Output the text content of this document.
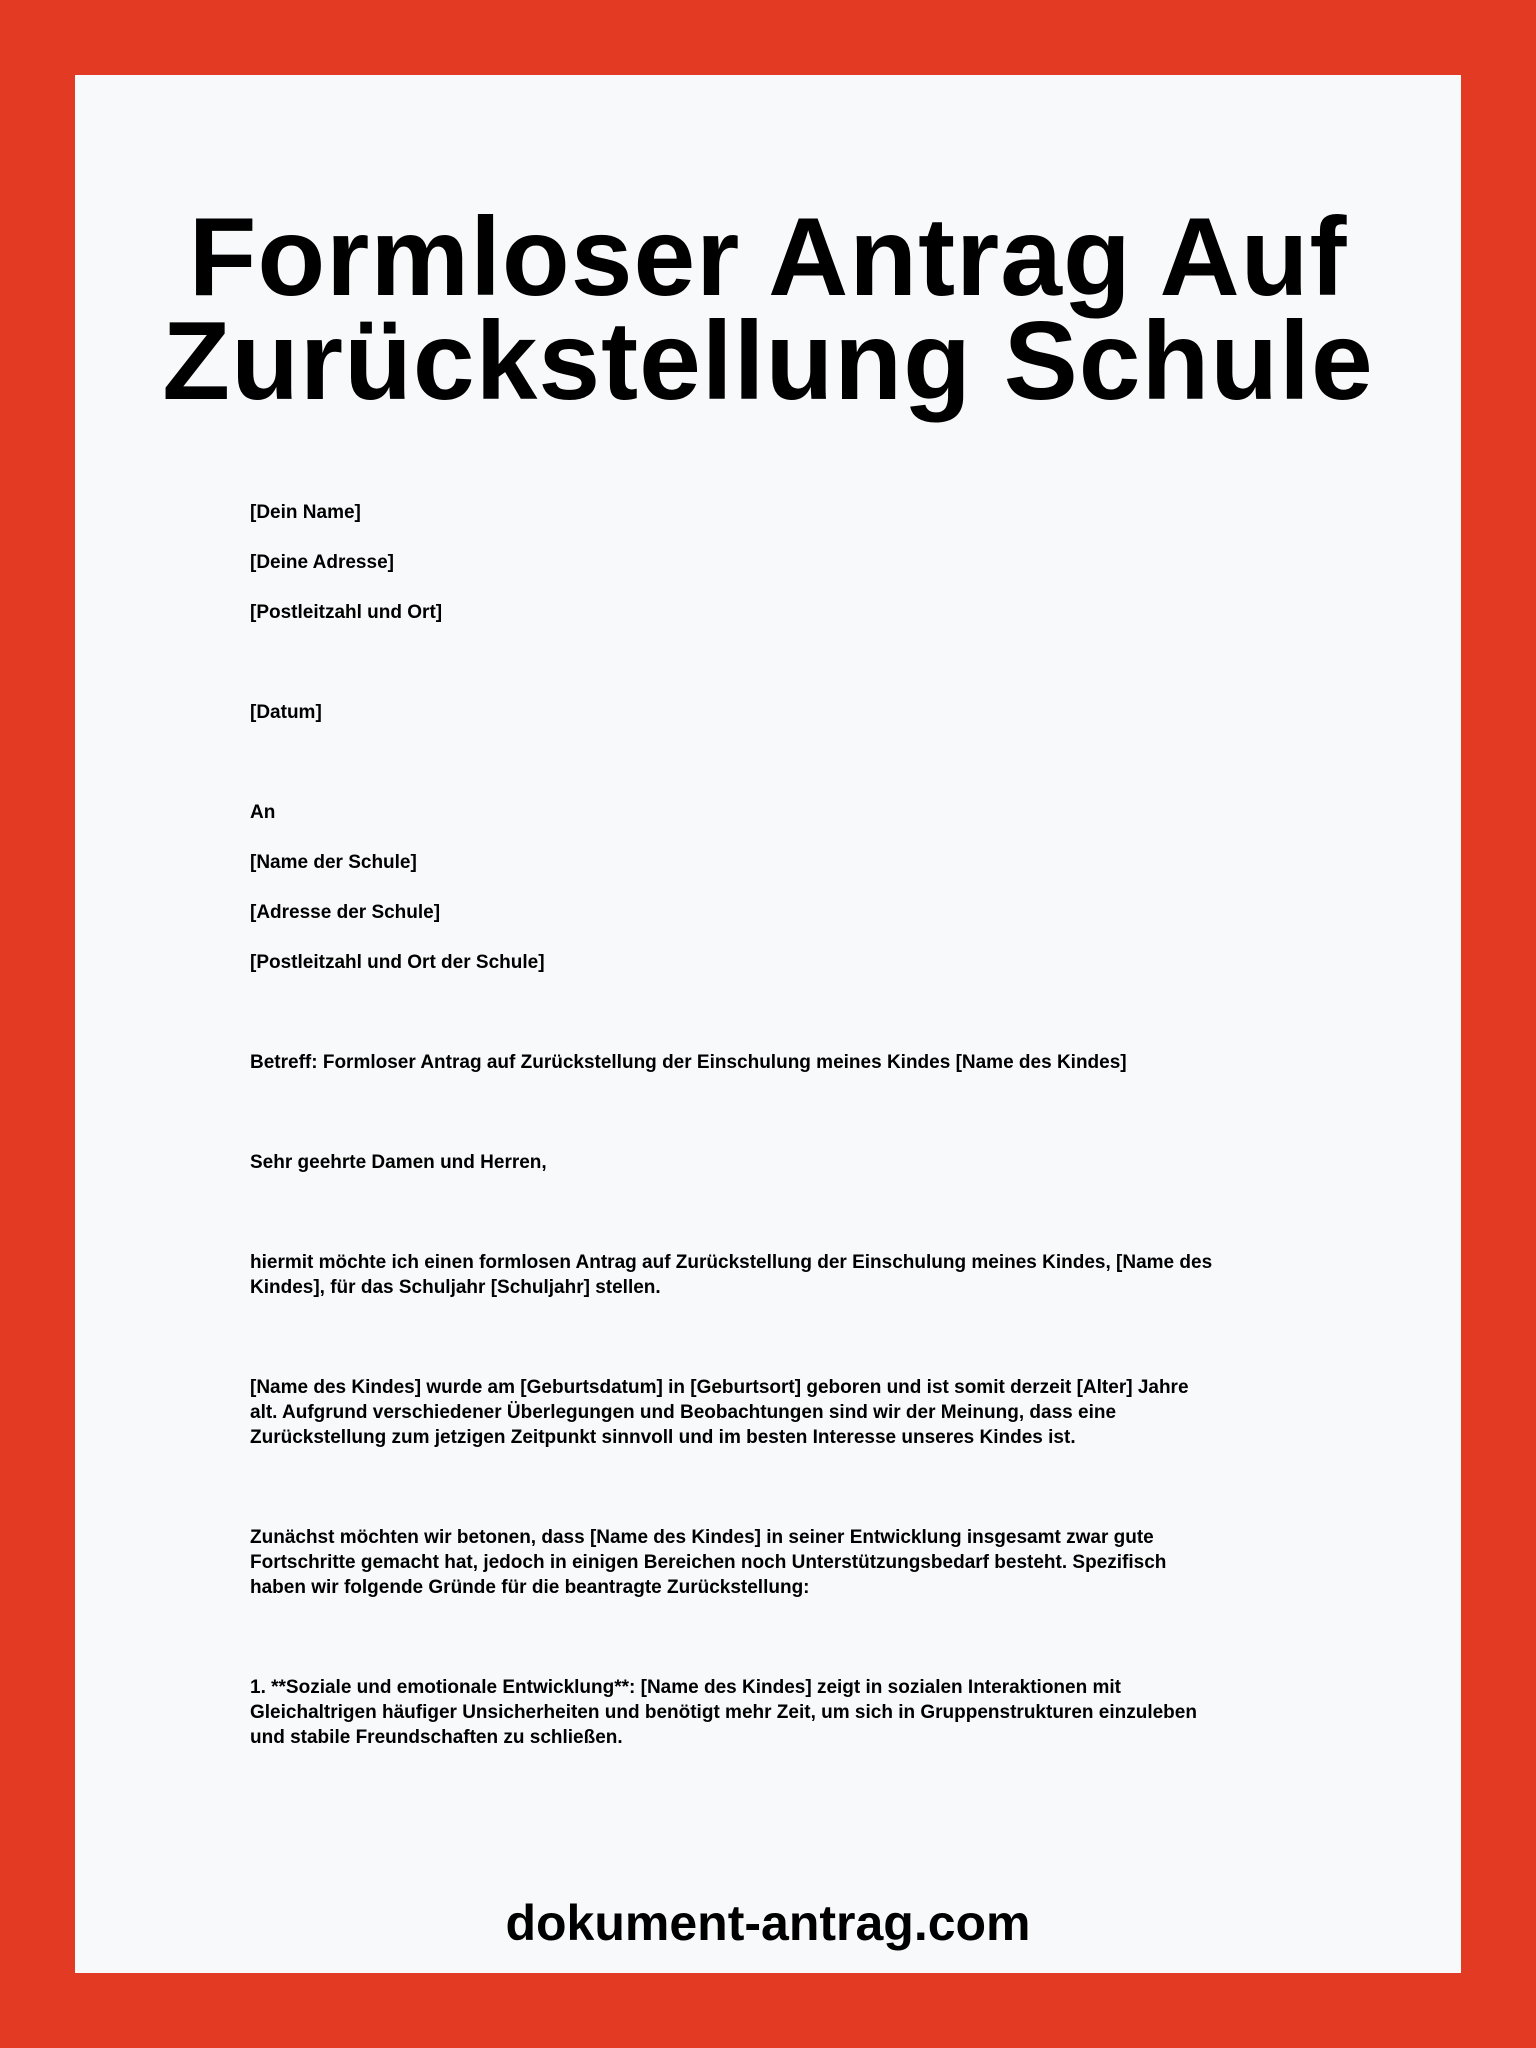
Formloser Antrag Auf
Zurückstellung Schule

[Dein Name]

[Deine Adresse]

[Postleitzahl und Ort]

[Datum]

An

[Name der Schule]

[Adresse der Schule]

[Postleitzahl und Ort der Schule]

Betreff: Formloser Antrag auf Zurückstellung der Einschulung meines Kindes [Name des Kindes]

Sehr geehrte Damen und Herren,

hiermit möchte ich einen formlosen Antrag auf Zurückstellung der Einschulung meines Kindes, [Name des
Kindes], für das Schuljahr [Schuljahr] stellen.
[Name des Kindes] wurde am [Geburtsdatum] in [Geburtsort] geboren und ist somit derzeit [Alter] Jahre
alt. Aufgrund verschiedener Überlegungen und Beobachtungen sind wir der Meinung, dass eine
Zurückstellung zum jetzigen Zeitpunkt sinnvoll und im besten Interesse unseres Kindes ist.
Zunächst möchten wir betonen, dass [Name des Kindes] in seiner Entwicklung insgesamt zwar gute
Fortschritte gemacht hat, jedoch in einigen Bereichen noch Unterstützungsbedarf besteht. Spezifisch
haben wir folgende Gründe für die beantragte Zurückstellung:
1. **Soziale und emotionale Entwicklung**: [Name des Kindes] zeigt in sozialen Interaktionen mit
Gleichaltrigen häufiger Unsicherheiten und benötigt mehr Zeit, um sich in Gruppenstrukturen einzuleben
und stabile Freundschaften zu schließen.

dokument-antrag.com
